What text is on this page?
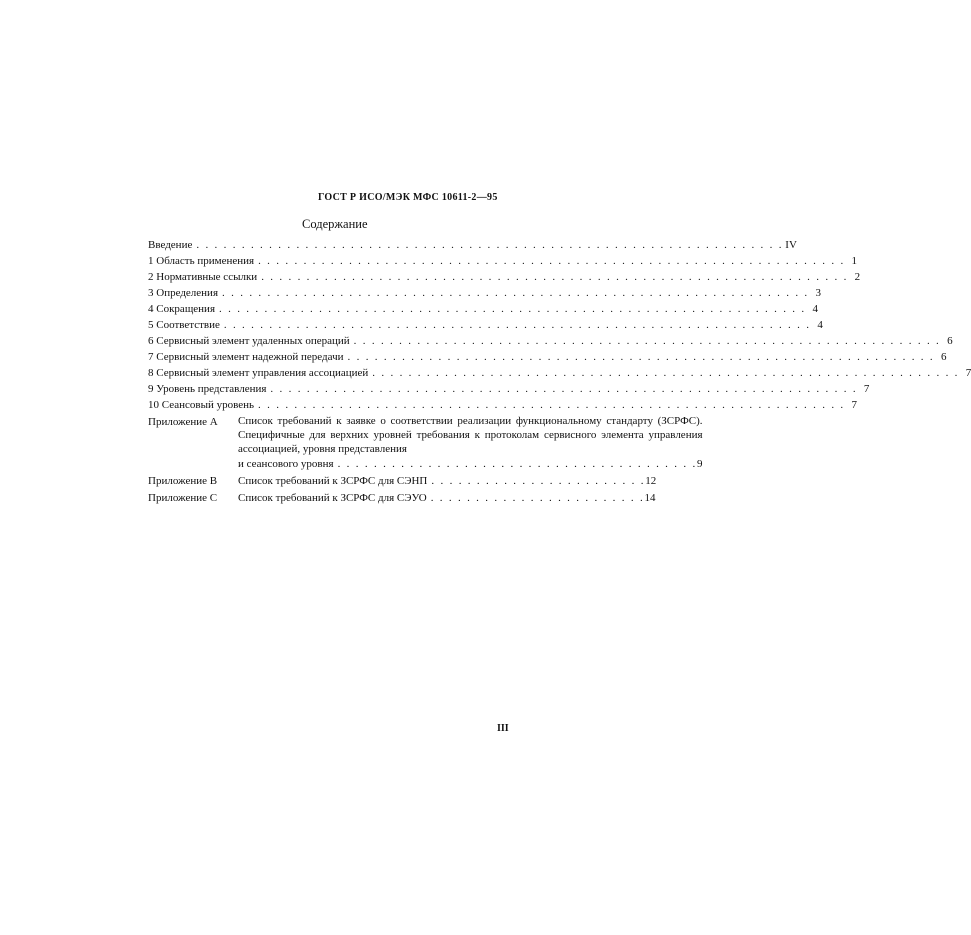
ГОСТ Р ИСО/МЭК МФС 10611-2—95
Содержание
Введение . . .	IV
1 Область применения . . .	1
2 Нормативные ссылки . . .	2
3 Определения . . .	3
4 Сокращения . . .	4
5 Соответствие . . .	4
6 Сервисный элемент удаленных операций . . .	6
7 Сервисный элемент надежной передачи . . .	6
8 Сервисный элемент управления ассоциацией . . .	7
9 Уровень представления . . .	7
10 Сеансовый уровень . . .	7
Приложение А	Список требований к заявке о соответствии реализации функциональному стандарту (ЗСРФС). Специфичные для верхних уровней требования к протоколам сервисного элемента управления ассоциацией, уровня представления
и сеансового уровня . . .	9
Приложение В	Список требований к ЗСРФС для СЭНП . . .	12
Приложение С	Список требований к ЗСРФС для СЭУО . . .	14
III
